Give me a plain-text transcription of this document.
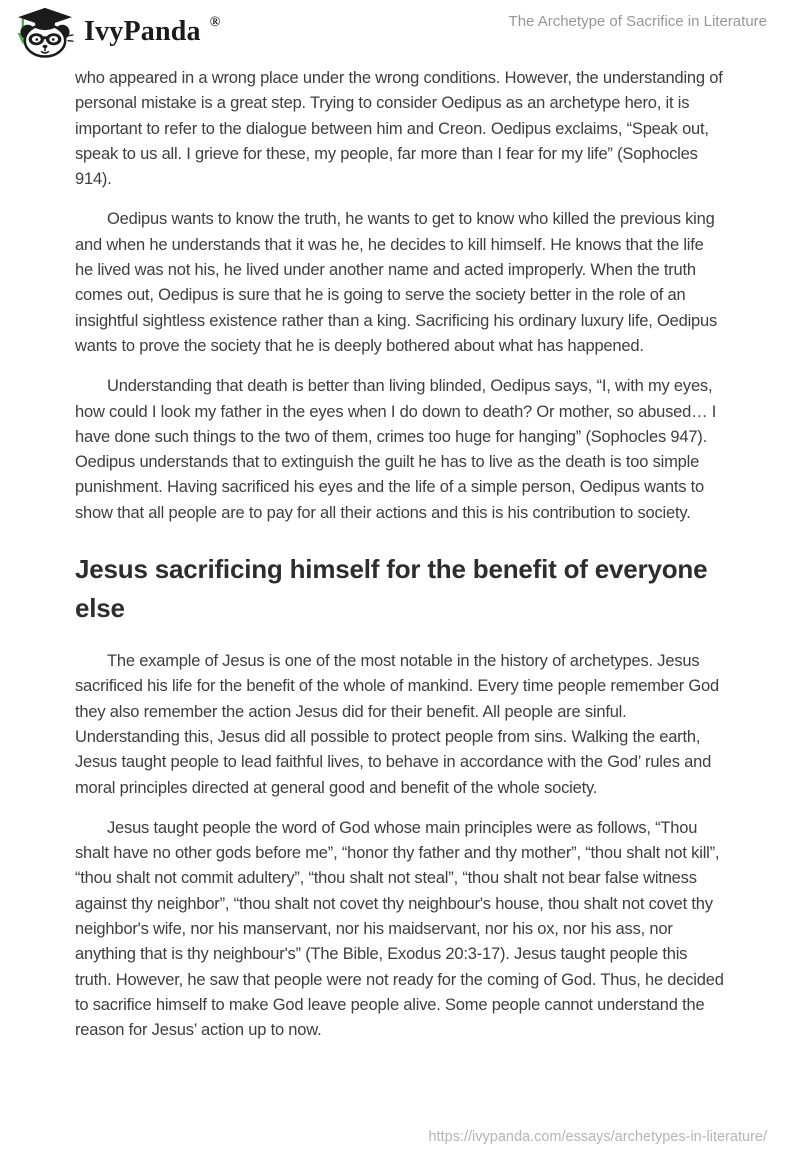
IvyPanda ®	The Archetype of Sacrifice in Literature

who appeared in a wrong place under the wrong conditions. However, the understanding of personal mistake is a great step. Trying to consider Oedipus as an archetype hero, it is important to refer to the dialogue between him and Creon. Oedipus exclaims, “Speak out, speak to us all. I grieve for these, my people, far more than I fear for my life” (Sophocles 914).

Oedipus wants to know the truth, he wants to get to know who killed the previous king and when he understands that it was he, he decides to kill himself. He knows that the life he lived was not his, he lived under another name and acted improperly. When the truth comes out, Oedipus is sure that he is going to serve the society better in the role of an insightful sightless existence rather than a king. Sacrificing his ordinary luxury life, Oedipus wants to prove the society that he is deeply bothered about what has happened.

Understanding that death is better than living blinded, Oedipus says, “I, with my eyes, how could I look my father in the eyes when I do down to death? Or mother, so abused… I have done such things to the two of them, crimes too huge for hanging” (Sophocles 947). Oedipus understands that to extinguish the guilt he has to live as the death is too simple punishment. Having sacrificed his eyes and the life of a simple person, Oedipus wants to show that all people are to pay for all their actions and this is his contribution to society.

Jesus sacrificing himself for the benefit of everyone else

The example of Jesus is one of the most notable in the history of archetypes. Jesus sacrificed his life for the benefit of the whole of mankind. Every time people remember God they also remember the action Jesus did for their benefit. All people are sinful. Understanding this, Jesus did all possible to protect people from sins. Walking the earth, Jesus taught people to lead faithful lives, to behave in accordance with the God’ rules and moral principles directed at general good and benefit of the whole society.

Jesus taught people the word of God whose main principles were as follows, “Thou shalt have no other gods before me”, “honor thy father and thy mother”, “thou shalt not kill”, “thou shalt not commit adultery”, “thou shalt not steal”, “thou shalt not bear false witness against thy neighbor”, “thou shalt not covet thy neighbour's house, thou shalt not covet thy neighbor's wife, nor his manservant, nor his maidservant, nor his ox, nor his ass, nor anything that is thy neighbour's” (The Bible, Exodus 20:3-17). Jesus taught people this truth. However, he saw that people were not ready for the coming of God. Thus, he decided to sacrifice himself to make God leave people alive. Some people cannot understand the reason for Jesus’ action up to now.

https://ivypanda.com/essays/archetypes-in-literature/
